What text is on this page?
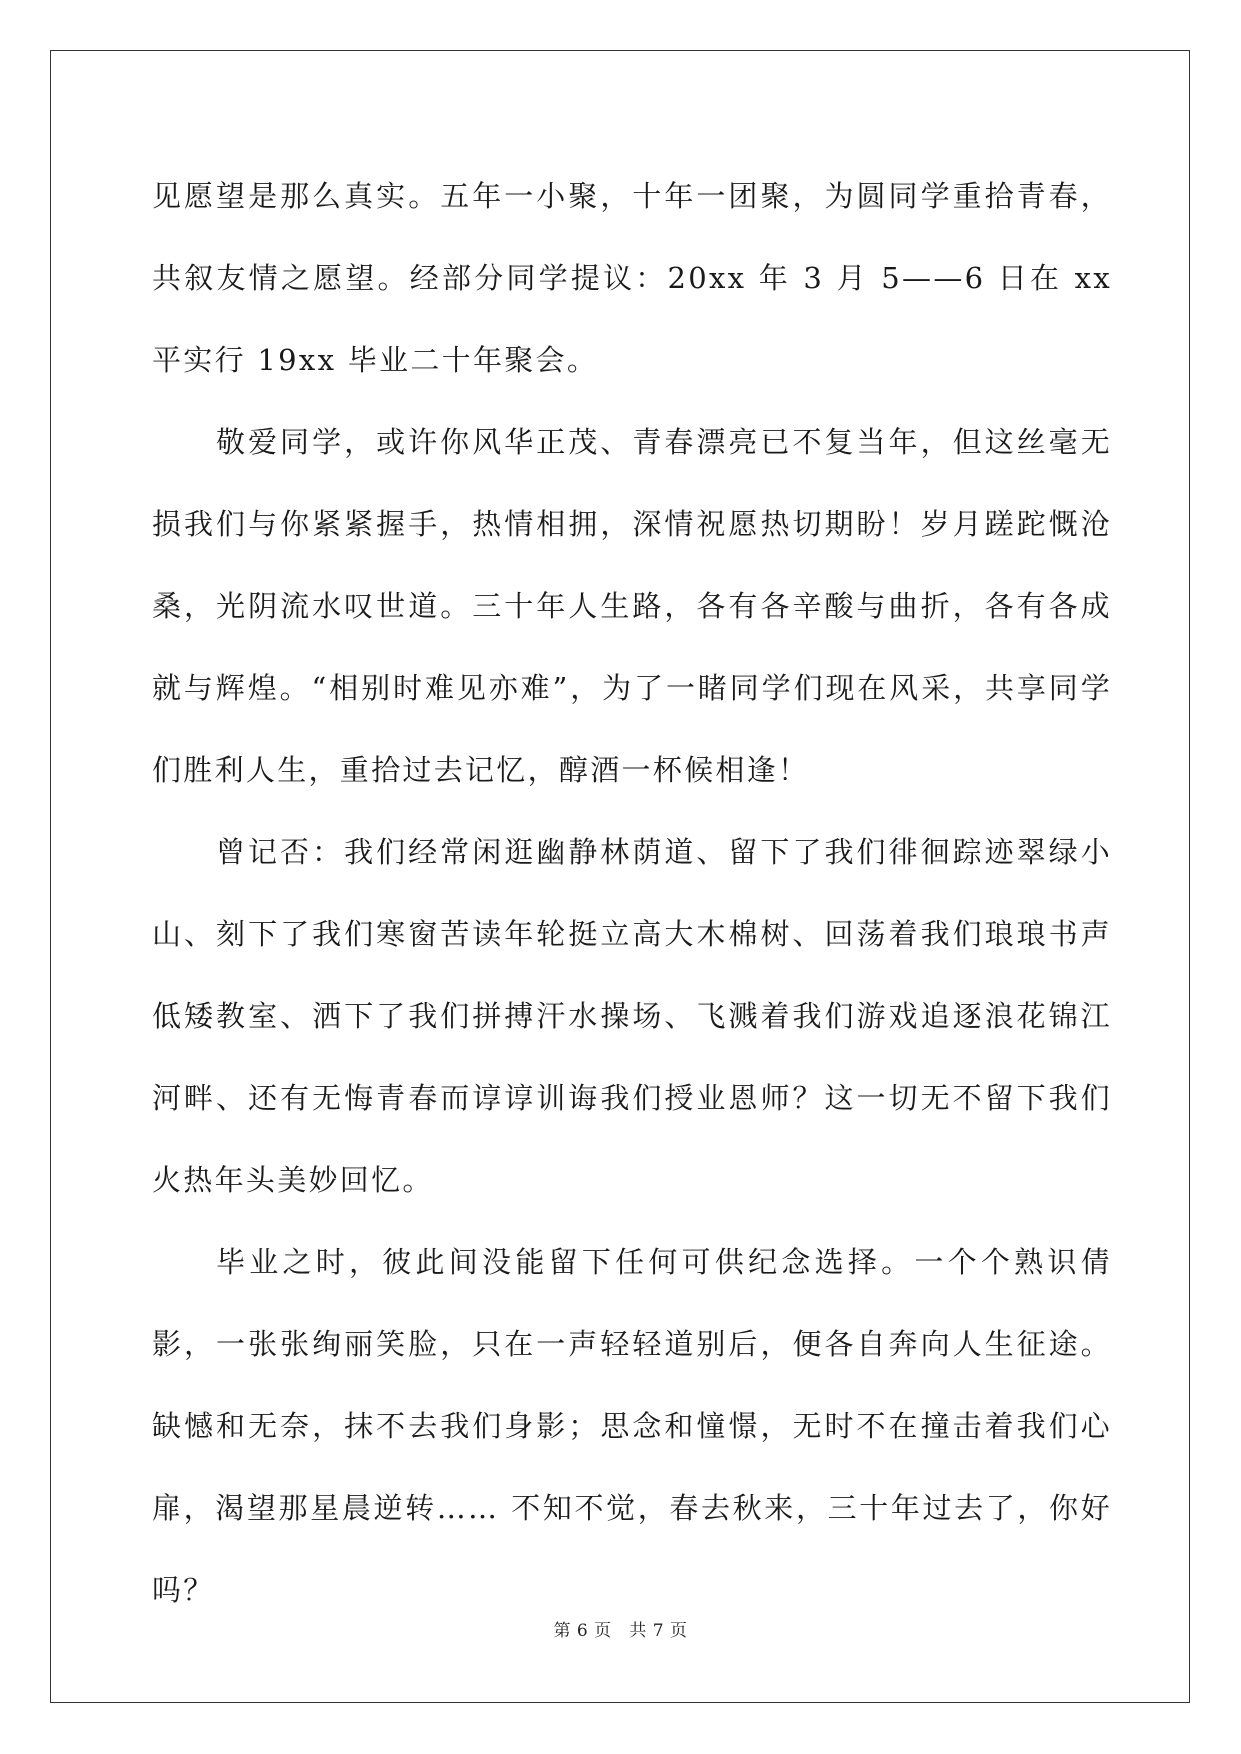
见愿望是那么真实。五年一小聚，十年一团聚，为圆同学重拾青春，共叙友情之愿望。经部分同学提议：20xx 年 3 月 5——6 日在 xx 平实行 19xx 毕业二十年聚会。

敬爱同学，或许你风华正茂、青春漂亮已不复当年，但这丝毫无损我们与你紧紧握手，热情相拥，深情祝愿热切期盼！岁月蹉跎慨沧桑，光阴流水叹世道。三十年人生路，各有各辛酸与曲折，各有各成就与辉煌。“相别时难见亦难”，为了一睹同学们现在风采，共享同学们胜利人生，重拾过去记忆，醇酒一杯候相逢！

曾记否：我们经常闲逛幽静林荫道、留下了我们徘徊踪迹翠绿小山、刻下了我们寒窗苦读年轮挺立高大木棉树、回荡着我们琅琅书声低矮教室、洒下了我们拼搏汗水操场、飞溅着我们游戏追逐浪花锦江河畔、还有无悔青春而谆谆训诲我们授业恩师？这一切无不留下我们火热年头美妙回忆。

毕业之时，彼此间没能留下任何可供纪念选择。一个个熟识倩影，一张张绚丽笑脸，只在一声轻轻道别后，便各自奔向人生征途。缺憾和无奈，抹不去我们身影；思念和憧憬，无时不在撞击着我们心扉，渴望那星晨逆转…… 不知不觉，春去秋来，三十年过去了，你好吗？

第 6 页 共 7 页
